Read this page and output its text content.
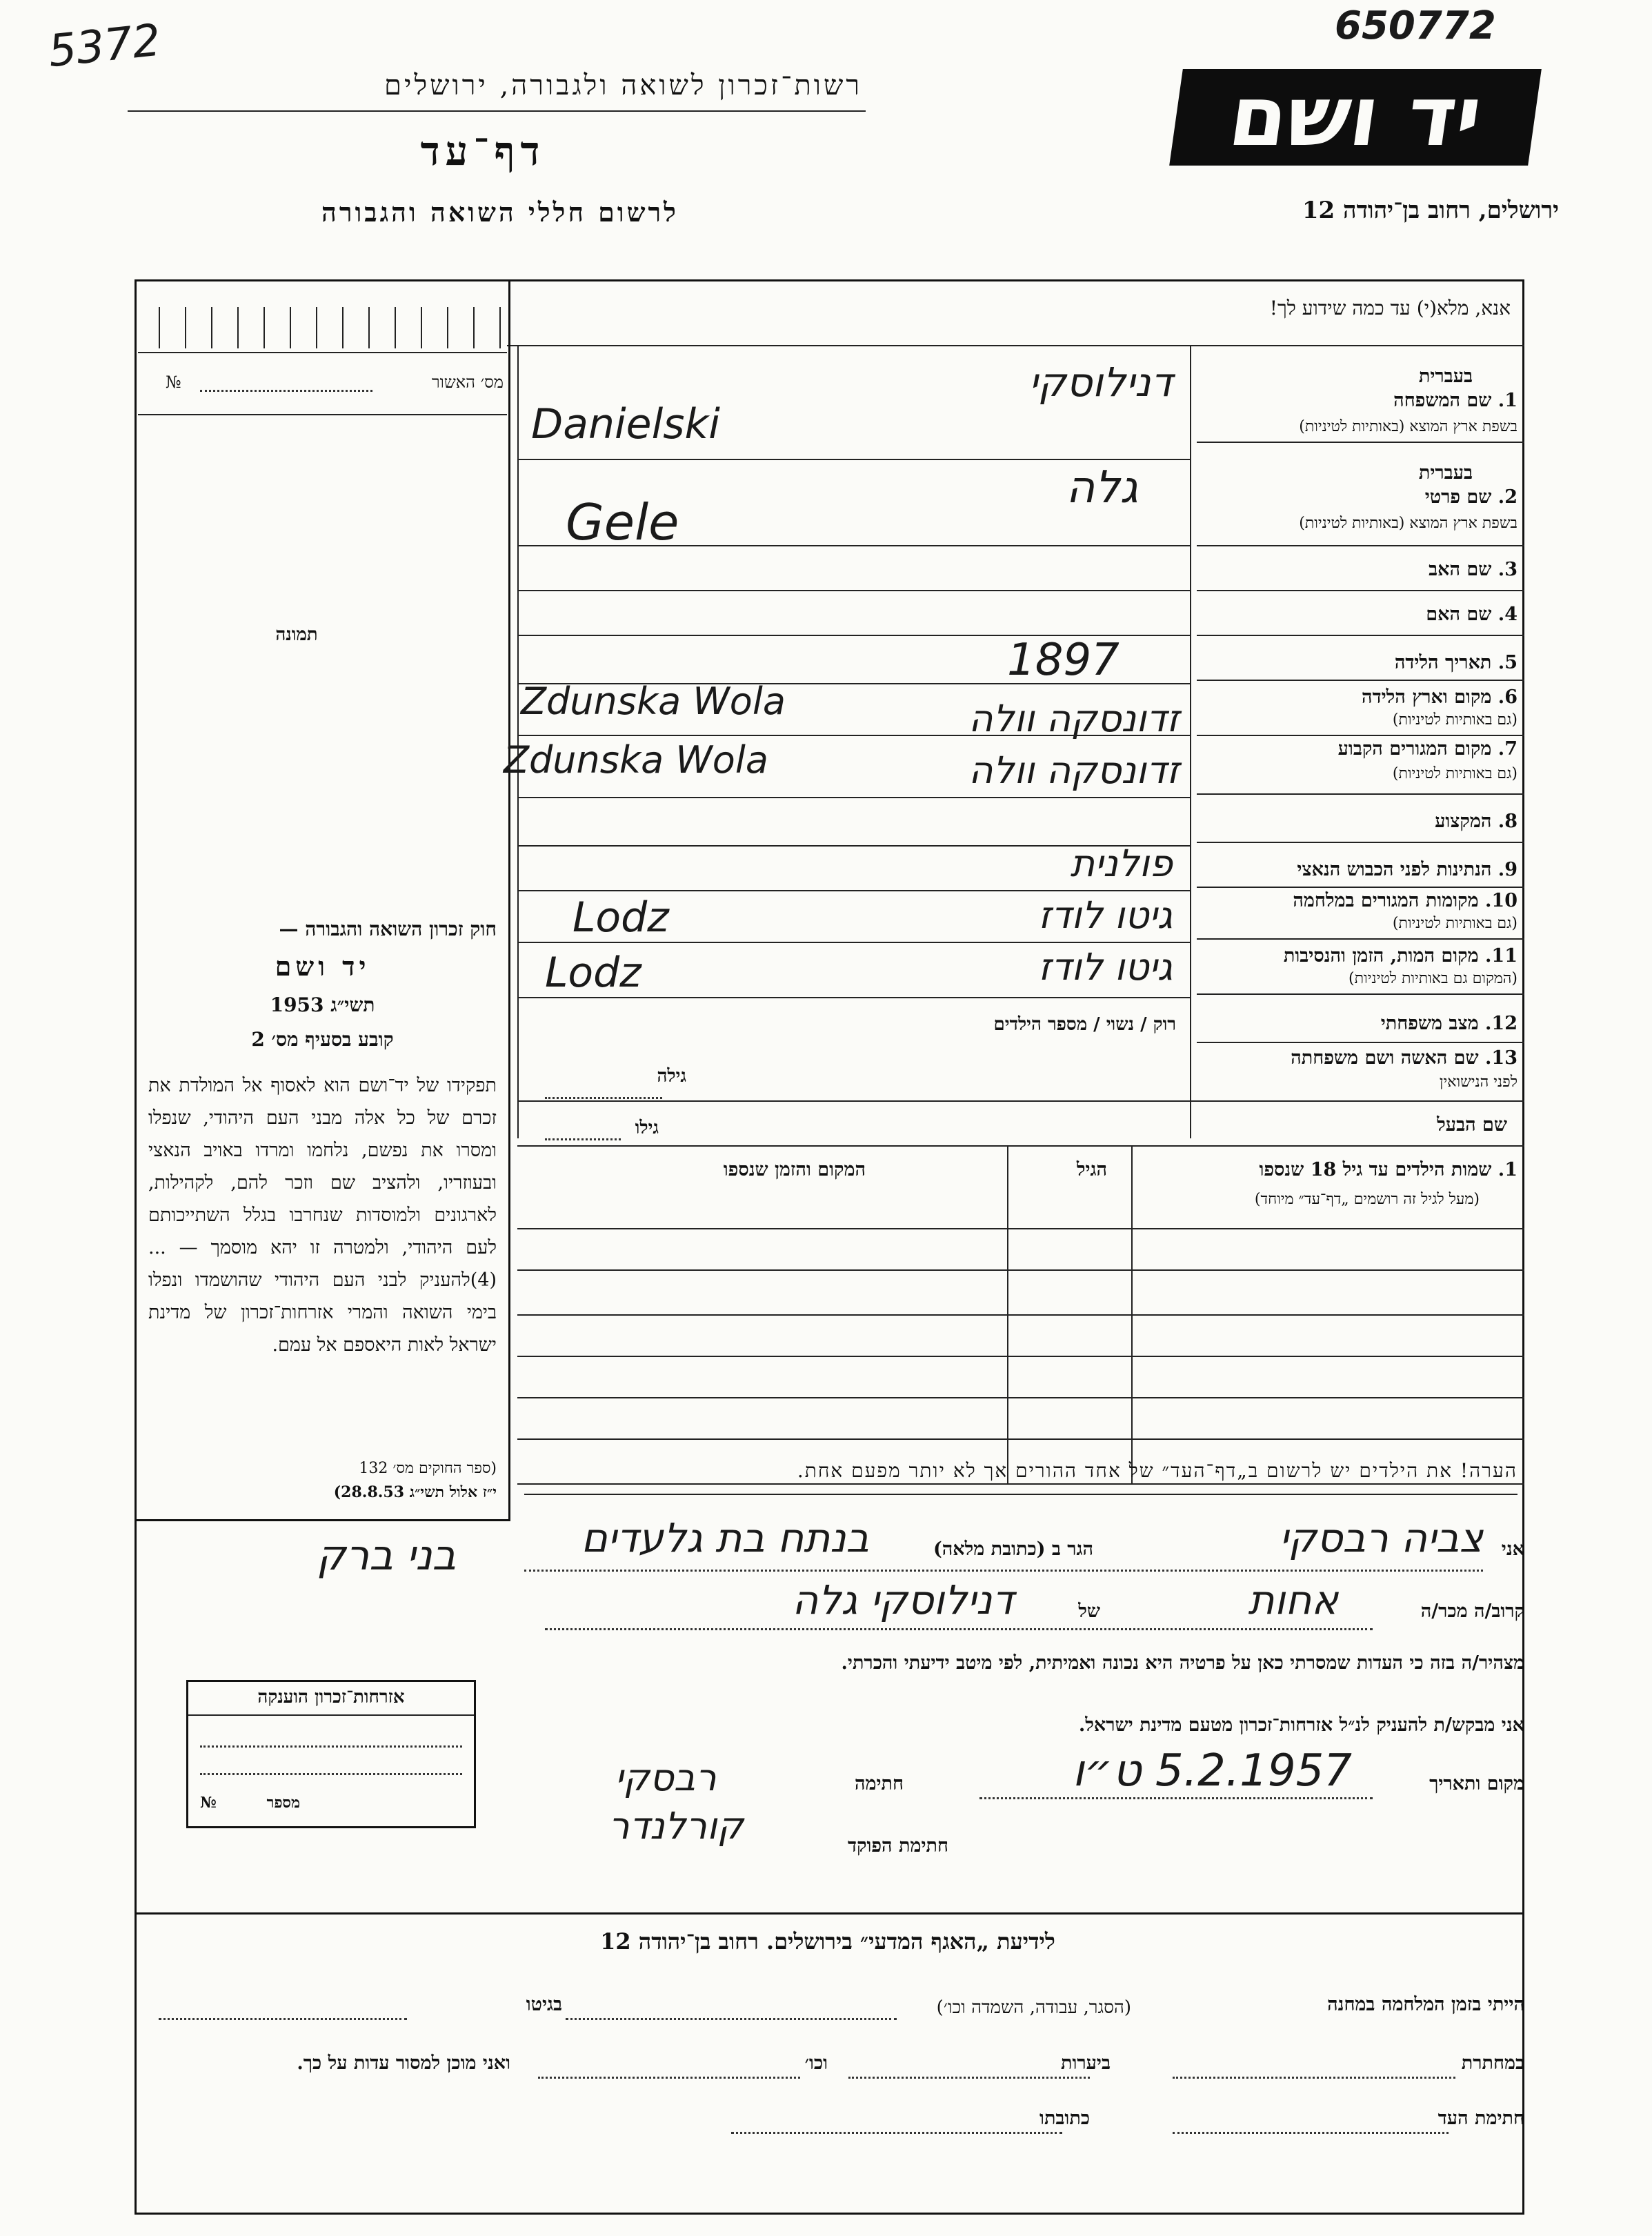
5372	650772
רשות־זכרון לשואה ולגבורה, ירושלים
דף־עד
לרשום חללי השואה והגבורה
יד ושם
ירושלים, רחוב בן־יהודה 12
אנא, מלא(י) עד כמה שידוע לך!
מס׳ האשור
№
תמונה
חוק זכרון השואה והגבורה —
יד ושם
תשי״ג 1953
קובע בסעיף מס׳ 2
תפקידו של יד־ושם הוא לאסוף אל המולדת את זכרם של כל אלה מבני העם היהודי, שנפלו ומסרו את נפשם, נלחמו ומרדו באויב הנאצי ובעוזריו, ולהציב שם וזכר להם, לקהילות, לארגונים ולמוסדות שנחרבו בגלל השתייכותם לעם היהודי, ולמטרה זו יהא מוסמך — ...(4)להעניק לבני העם היהודי שהושמדו ונפלו בימי השואה והמרי אזרחות־זכרון של מדינת ישראל לאות היאספם אל עמם.
(ספר החוקים מס׳ 132
י״ז אלול תשי״ג 28.8.53)
1. שם המשפחה
בשפת ארץ המוצא (באותיות לטיניות)
בעברית
דנילוסקי
Danielski
2. שם פרטי
בשפת ארץ המוצא (באותיות לטיניות)
בעברית
גלה
Gele
3. שם האב
4. שם האם
5. תאריך הלידה
1897
6. מקום וארץ הלידה
(גם באותיות לטיניות)
זדונסקה וולה
Zdunska Wola
7. מקום המגורים הקבוע
(גם באותיות לטיניות)
זדונסקה וולה
Zdunska Wola
8. המקצוע
9. הנתינות לפני הכבוש הנאצי
פולנית
10. מקומות המגורים במלחמה
(גם באותיות לטיניות)
גיטו לודז
Lodz
11. מקום המות, הזמן והנסיבות
(המקום גם באותיות לטיניות)
גיטו לודז
Lodz
12. מצב משפחתי
רוק / נשוי / מספר הילדים
13. שם האשה ושם משפחתה
לפני הנישואין
גילה
שם הבעל
גילו
1. שמות הילדים עד גיל 18 שנספו
(מעל לגיל זה רושמים „דף־עד״ מיוחד)
הגיל
המקום והזמן שנספו
הערה! את הילדים יש לרשום ב„דף־העד״ של אחד ההורים אך לא יותר מפעם אחת.
בני ברק	אני
צביה רבסקי
הגר ב (כתובת מלאה)
בנתח בת גלעדים
קרוב/ה מכר/ה
אחות
של
דנילוסקי גלה
מצהיר/ה בזה כי העדות שמסרתי כאן על פרטיה היא נכונה ואמיתית, לפי מיטב ידיעתי והכרתי.
אני מבקש/ת להעניק לנ״ל אזרחות־זכרון מטעם מדינת ישראל.
מקום ותאריך
5.2.1957 ט״ו
חתימה
רבסקי
חתימת הפוקד
קורלנדר
אזרחות־זכרון הוענקה
מספר
№
לידיעת „האגף המדעי״ בירושלים. רחוב בן־יהודה 12
הייתי בזמן המלחמה במחנה
(הסגר, עבודה, השמדה וכו׳)
בגיטו
במחתרת
ביערות
וכו׳
ואני מוכן למסור עדות על כך.
חתימת העד
כתובתו
